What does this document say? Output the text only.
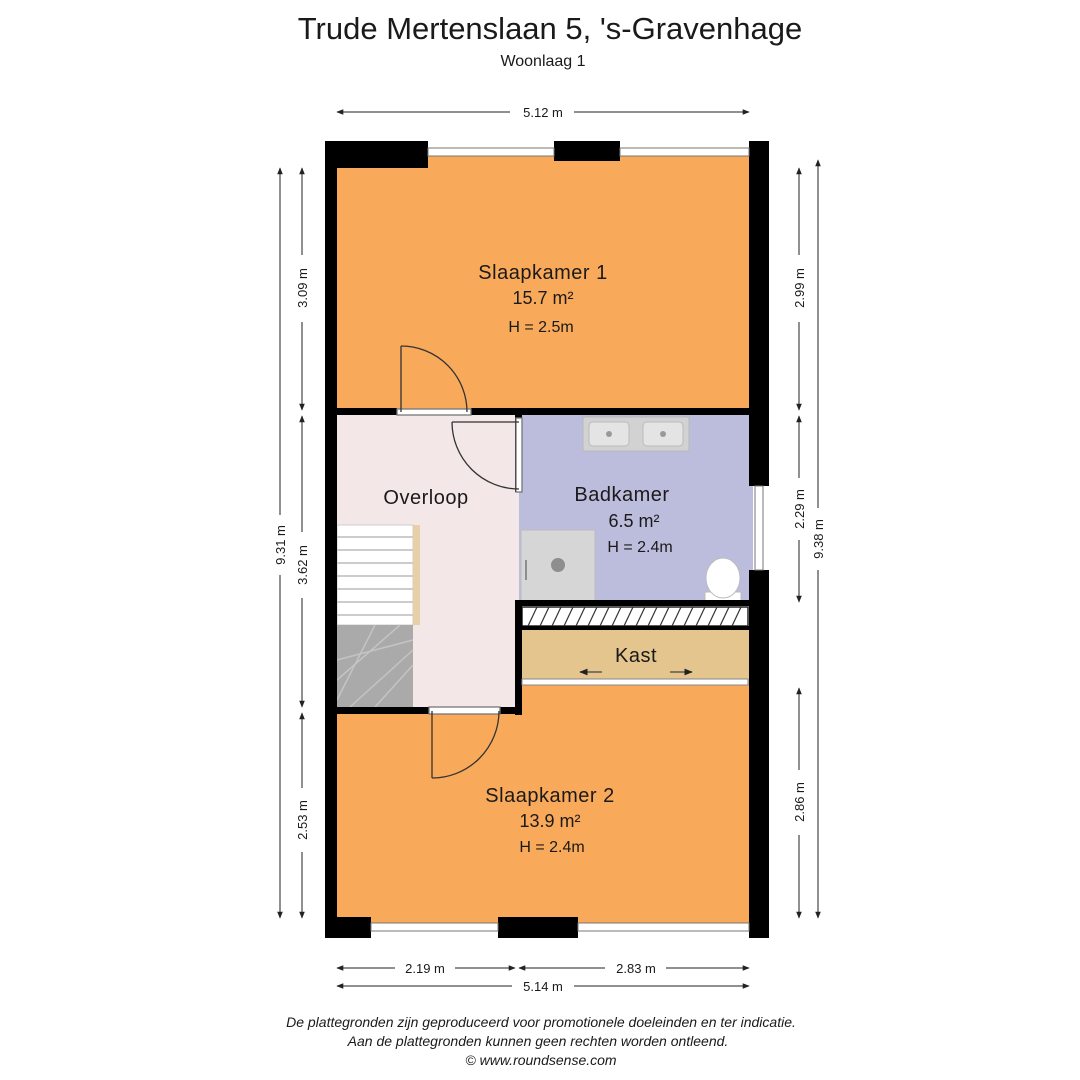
Trude Mertenslaan 5, 's-Gravenhage
Woonlaag 1
Slaapkamer 1
15.7 m²
H = 2.5m
Overloop	Badkamer
6.5 m²
H = 2.4m
Kast
Slaapkamer 2
13.9 m²
H = 2.4m
5.12 m
2.19 m	2.83 m
5.14 m
9.31 m
3.09 m
3.62 m
2.53 m
2.99 m
2.29 m
2.86 m
9.38 m
De plattegronden zijn geproduceerd voor promotionele doeleinden en ter indicatie.
Aan de plattegronden kunnen geen rechten worden ontleend.
© www.roundsense.com
